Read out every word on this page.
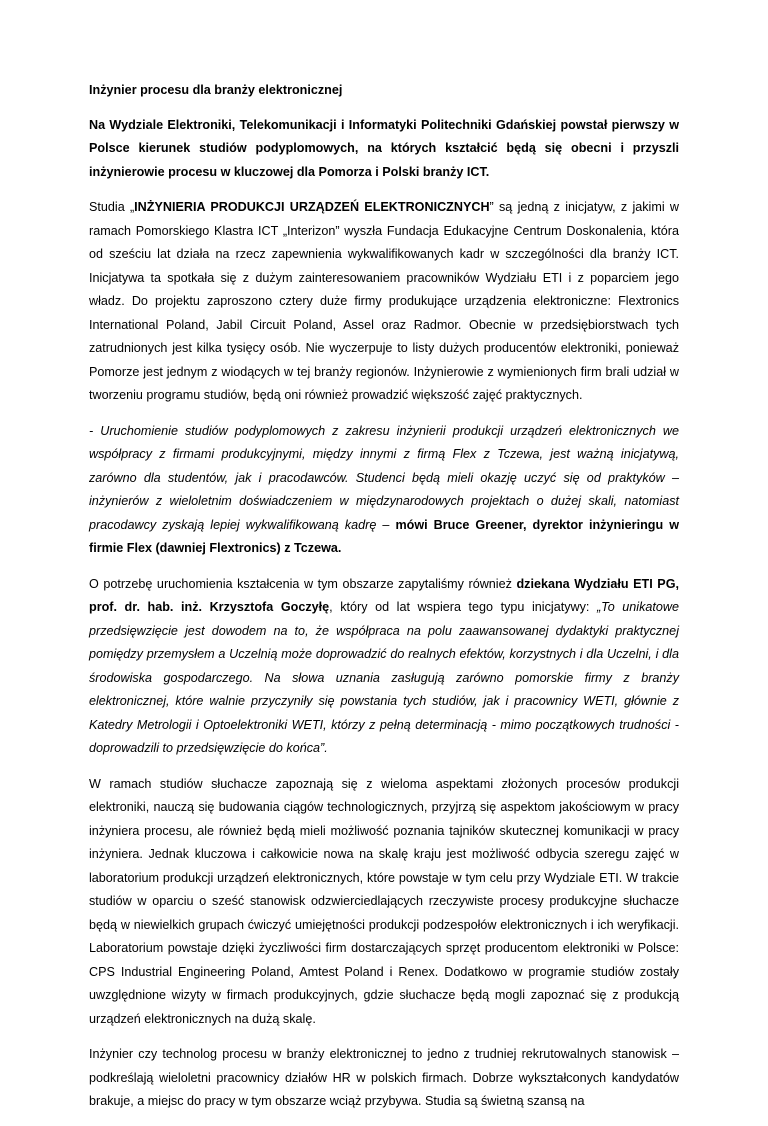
Inżynier procesu dla branży elektronicznej

Na Wydziale Elektroniki, Telekomunikacji i Informatyki Politechniki Gdańskiej powstał pierwszy w Polsce kierunek studiów podyplomowych, na których kształcić będą się obecni i przyszli inżynierowie procesu w kluczowej dla Pomorza i Polski branży ICT.

Studia „INŻYNIERIA PRODUKCJI URZĄDZEŃ ELEKTRONICZNYCH” są jedną z inicjatyw, z jakimi w ramach Pomorskiego Klastra ICT „Interizon” wyszła Fundacja Edukacyjne Centrum Doskonalenia, która od sześciu lat działa na rzecz zapewnienia wykwalifikowanych kadr w szczególności dla branży ICT. Inicjatywa ta spotkała się z dużym zainteresowaniem pracowników Wydziału ETI i z poparciem jego władz. Do projektu zaproszono cztery duże firmy produkujące urządzenia elektroniczne: Flextronics International Poland, Jabil Circuit Poland, Assel oraz Radmor. Obecnie w przedsiębiorstwach tych zatrudnionych jest kilka tysięcy osób. Nie wyczerpuje to listy dużych producentów elektroniki, ponieważ Pomorze jest jednym z wiodących w tej branży regionów. Inżynierowie z wymienionych firm brali udział w tworzeniu programu studiów, będą oni również prowadzić większość zajęć praktycznych.

- Uruchomienie studiów podyplomowych z zakresu inżynierii produkcji urządzeń elektronicznych we współpracy z firmami produkcyjnymi, między innymi z firmą Flex z Tczewa, jest ważną inicjatywą, zarówno dla studentów, jak i pracodawców. Studenci będą mieli okazję uczyć się od praktyków – inżynierów z wieloletnim doświadczeniem w międzynarodowych projektach o dużej skali, natomiast pracodawcy zyskają lepiej wykwalifikowaną kadrę – mówi Bruce Greener, dyrektor inżynieringu w firmie Flex (dawniej Flextronics) z Tczewa.

O potrzebę uruchomienia kształcenia w tym obszarze zapytaliśmy również dziekana Wydziału ETI PG, prof. dr. hab. inż. Krzysztofa Goczyłę, który od lat wspiera tego typu inicjatywy: „To unikatowe przedsięwzięcie jest dowodem na to, że współpraca na polu zaawansowanej dydaktyki praktycznej pomiędzy przemysłem a Uczelnią może doprowadzić do realnych efektów, korzystnych i dla Uczelni, i dla środowiska gospodarczego. Na słowa uznania zasługują zarówno pomorskie firmy z branży elektronicznej, które walnie przyczyniły się powstania tych studiów, jak i pracownicy WETI, głównie z Katedry Metrologii i Optoelektroniki WETI, którzy z pełną determinacją - mimo początkowych trudności - doprowadzili to przedsięwzięcie do końca”.

W ramach studiów słuchacze zapoznają się z wieloma aspektami złożonych procesów produkcji elektroniki, nauczą się budowania ciągów technologicznych, przyjrzą się aspektom jakościowym w pracy inżyniera procesu, ale również będą mieli możliwość poznania tajników skutecznej komunikacji w pracy inżyniera. Jednak kluczowa i całkowicie nowa na skalę kraju jest możliwość odbycia szeregu zajęć w laboratorium produkcji urządzeń elektronicznych, które powstaje w tym celu przy Wydziale ETI. W trakcie studiów w oparciu o sześć stanowisk odzwierciedlających rzeczywiste procesy produkcyjne słuchacze będą w niewielkich grupach ćwiczyć umiejętności produkcji podzespołów elektronicznych i ich weryfikacji. Laboratorium powstaje dzięki życzliwości firm dostarczających sprzęt producentom elektroniki w Polsce: CPS Industrial Engineering Poland, Amtest Poland i Renex. Dodatkowo w programie studiów zostały uwzględnione wizyty w firmach produkcyjnych, gdzie słuchacze będą mogli zapoznać się z produkcją urządzeń elektronicznych na dużą skalę.

Inżynier czy technolog procesu w branży elektronicznej to jedno z trudniej rekrutowalnych stanowisk – podkreślają wieloletni pracownicy działów HR w polskich firmach. Dobrze wykształconych kandydatów brakuje, a miejsc do pracy w tym obszarze wciąż przybywa. Studia są świetną szansą na
